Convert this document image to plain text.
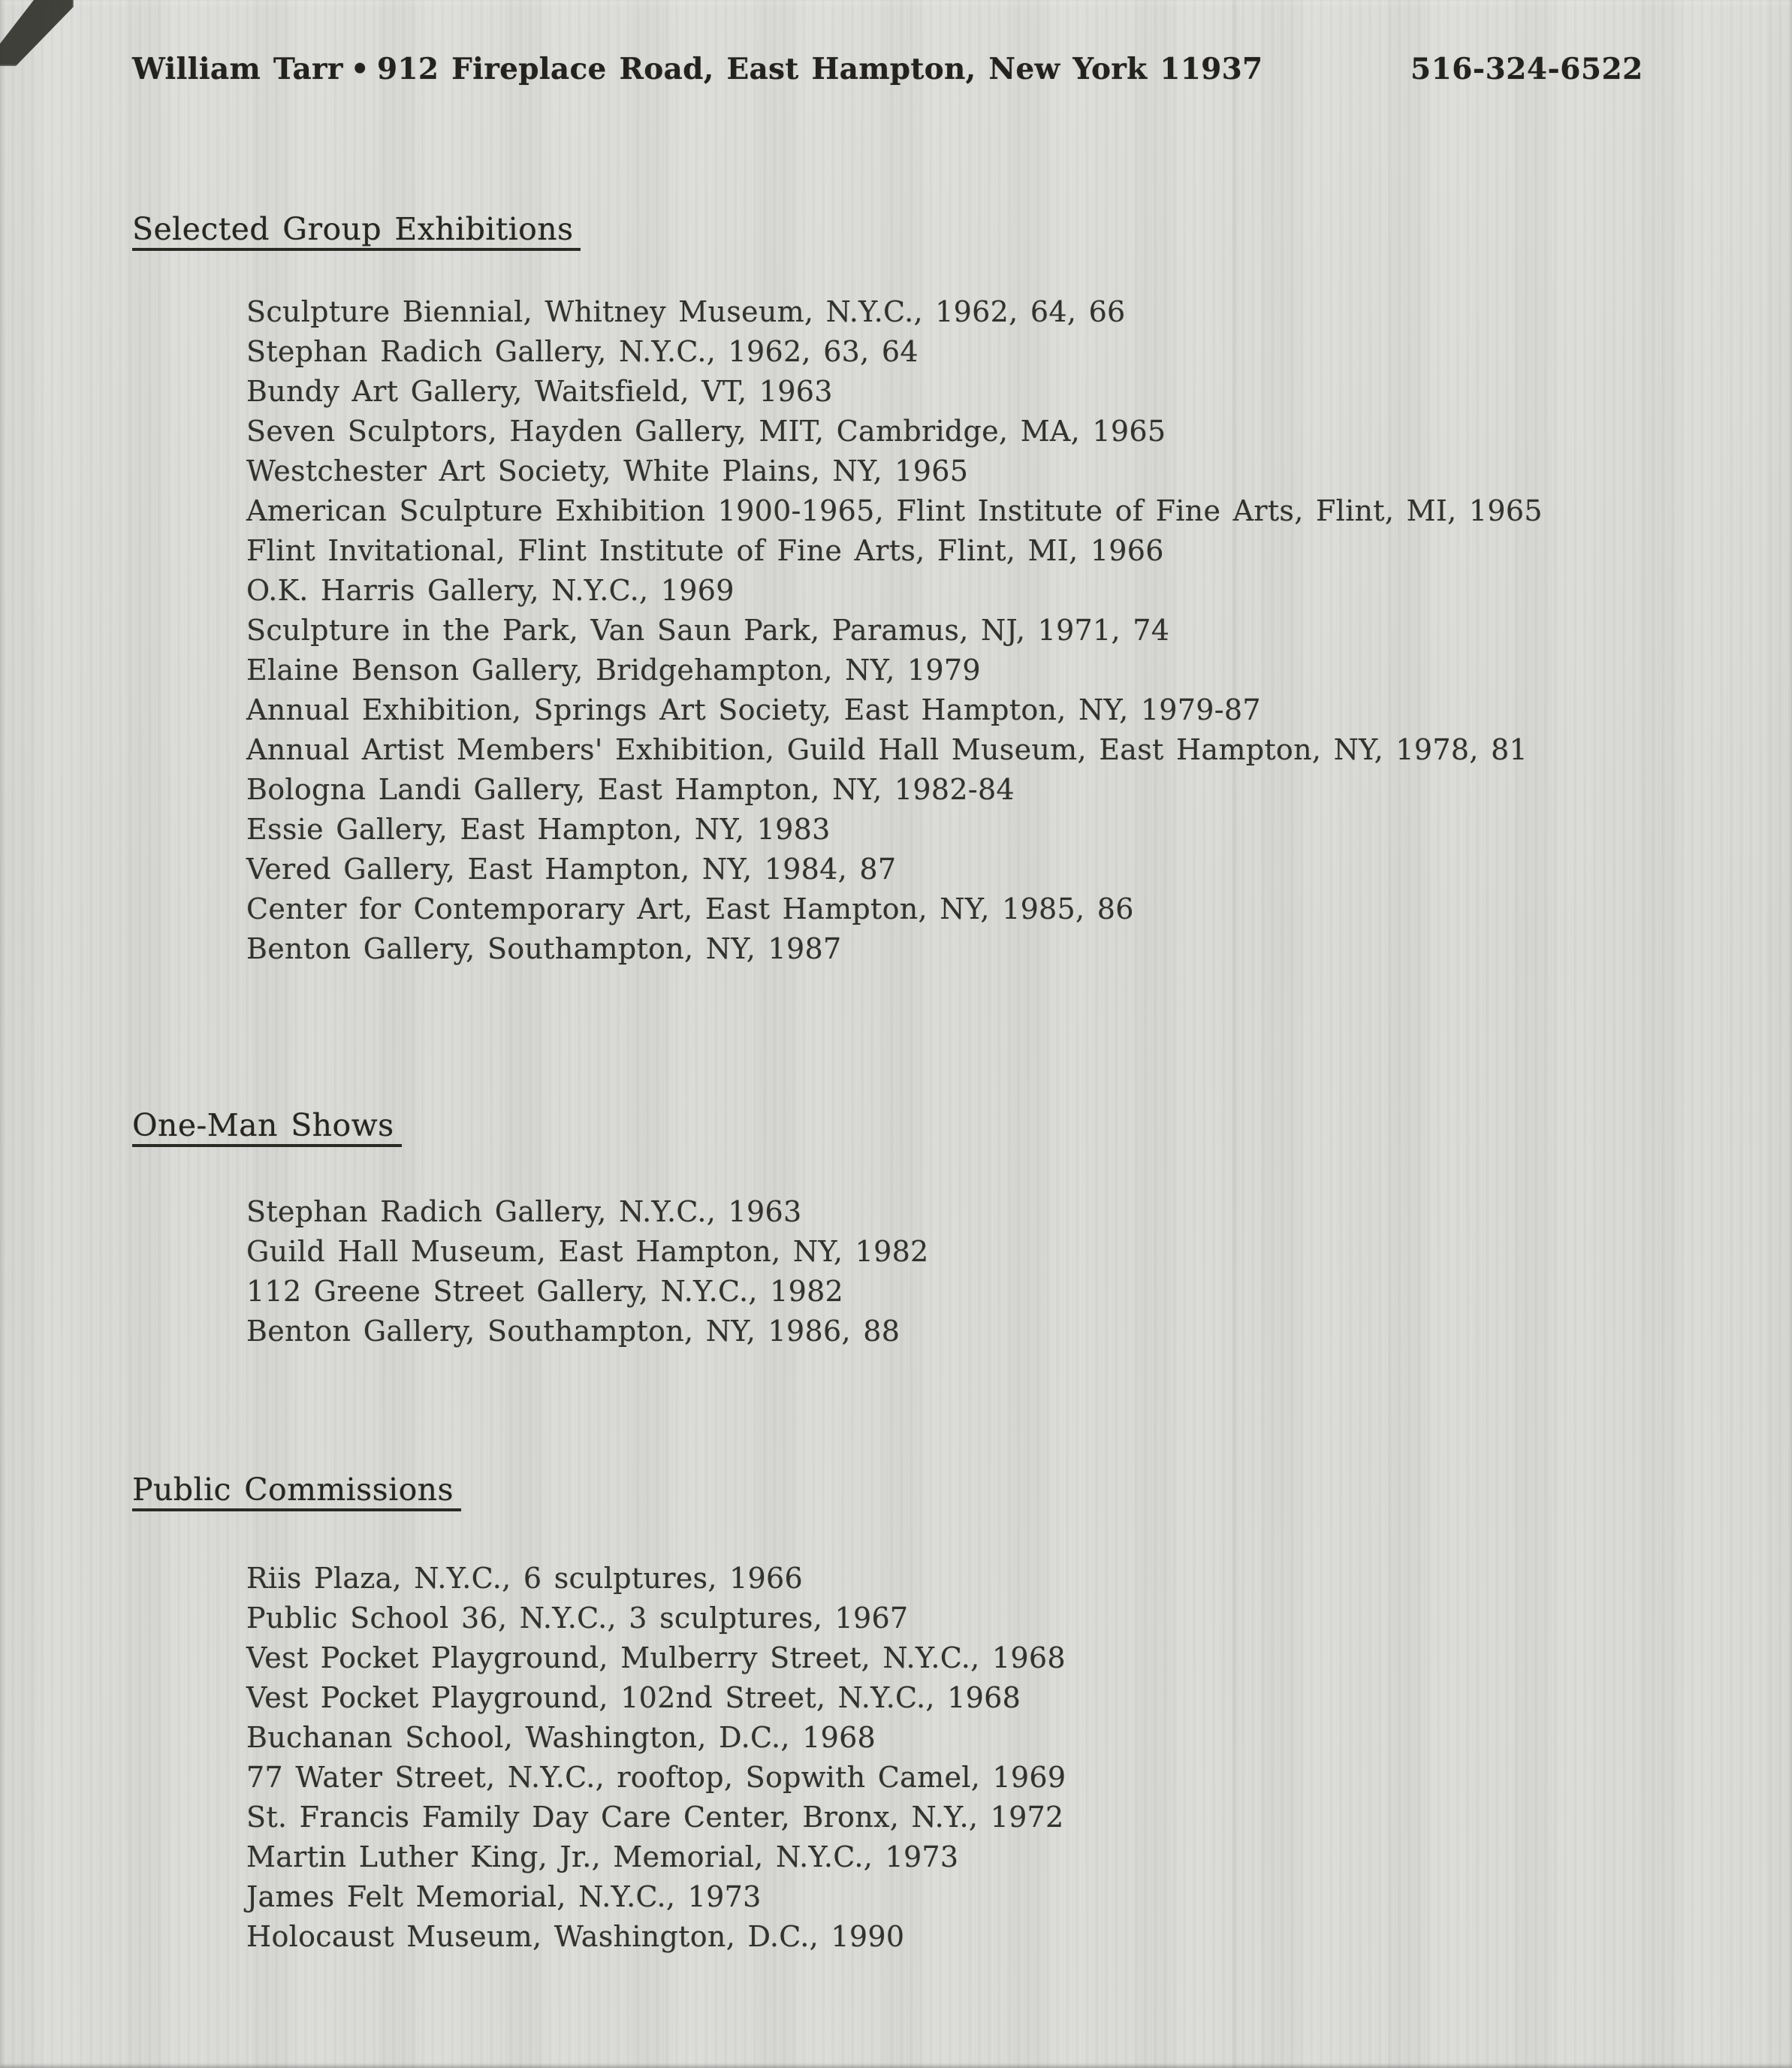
William Tarr • 912 Fireplace Road, East Hampton, New York 11937	516-324-6522
Selected Group Exhibitions
Sculpture Biennial, Whitney Museum, N.Y.C., 1962, 64, 66
Stephan Radich Gallery, N.Y.C., 1962, 63, 64
Bundy Art Gallery, Waitsfield, VT, 1963
Seven Sculptors, Hayden Gallery, MIT, Cambridge, MA, 1965
Westchester Art Society, White Plains, NY, 1965
American Sculpture Exhibition 1900-1965, Flint Institute of Fine Arts, Flint, MI, 1965
Flint Invitational, Flint Institute of Fine Arts, Flint, MI, 1966
O.K. Harris Gallery, N.Y.C., 1969
Sculpture in the Park, Van Saun Park, Paramus, NJ, 1971, 74
Elaine Benson Gallery, Bridgehampton, NY, 1979
Annual Exhibition, Springs Art Society, East Hampton, NY, 1979-87
Annual Artist Members' Exhibition, Guild Hall Museum, East Hampton, NY, 1978, 81
Bologna Landi Gallery, East Hampton, NY, 1982-84
Essie Gallery, East Hampton, NY, 1983
Vered Gallery, East Hampton, NY, 1984, 87
Center for Contemporary Art, East Hampton, NY, 1985, 86
Benton Gallery, Southampton, NY, 1987
One-Man Shows
Stephan Radich Gallery, N.Y.C., 1963
Guild Hall Museum, East Hampton, NY, 1982
112 Greene Street Gallery, N.Y.C., 1982
Benton Gallery, Southampton, NY, 1986, 88
Public Commissions
Riis Plaza, N.Y.C., 6 sculptures, 1966
Public School 36, N.Y.C., 3 sculptures, 1967
Vest Pocket Playground, Mulberry Street, N.Y.C., 1968
Vest Pocket Playground, 102nd Street, N.Y.C., 1968
Buchanan School, Washington, D.C., 1968
77 Water Street, N.Y.C., rooftop, Sopwith Camel, 1969
St. Francis Family Day Care Center, Bronx, N.Y., 1972
Martin Luther King, Jr., Memorial, N.Y.C., 1973
James Felt Memorial, N.Y.C., 1973
Holocaust Museum, Washington, D.C., 1990
